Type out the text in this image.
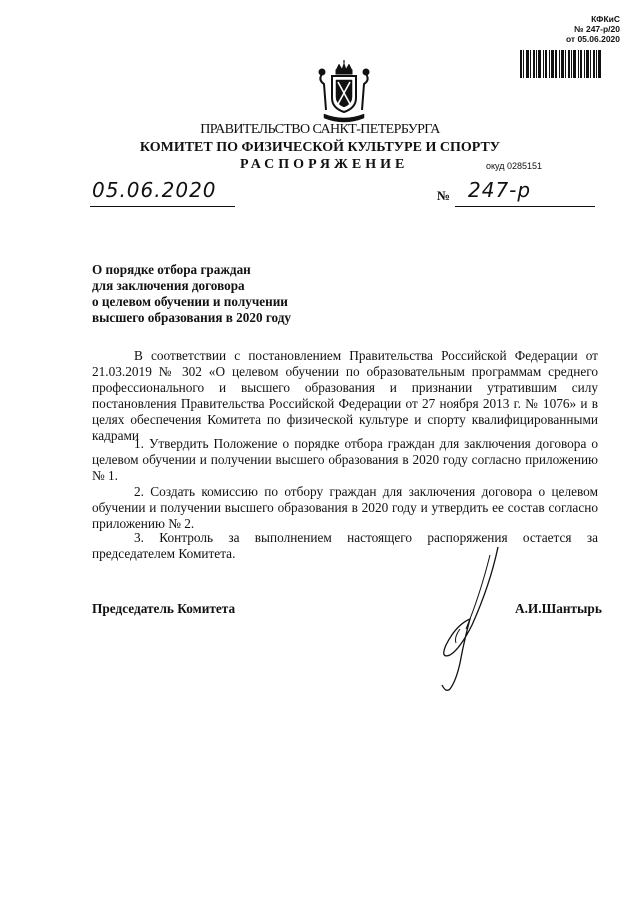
КФКиС
№ 247-р/20
от 05.06.2020
ПРАВИТЕЛЬСТВО САНКТ-ПЕТЕРБУРГА
КОМИТЕТ ПО ФИЗИЧЕСКОЙ КУЛЬТУРЕ И СПОРТУ
РАСПОРЯЖЕНИЕ	окуд 0285151
05.06.2020	№ 247-р
О порядке отбора граждан
для заключения договора
о целевом обучении и получении
высшего образования в 2020 году
В соответствии с постановлением Правительства Российской Федерации от 21.03.2019 № 302 «О целевом обучении по образовательным программам среднего профессионального и высшего образования и признании утратившим силу постановления Правительства Российской Федерации от 27 ноября 2013 г. № 1076» и в целях обеспечения Комитета по физической культуре и спорту квалифицированными кадрами
1. Утвердить Положение о порядке отбора граждан для заключения договора о целевом обучении и получении высшего образования в 2020 году согласно приложению № 1.
2. Создать комиссию по отбору граждан для заключения договора о целевом обучении и получении высшего образования в 2020 году и утвердить ее состав согласно приложению № 2.
3. Контроль за выполнением настоящего распоряжения остается за председателем Комитета.
Председатель Комитета	А.И.Шантырь
